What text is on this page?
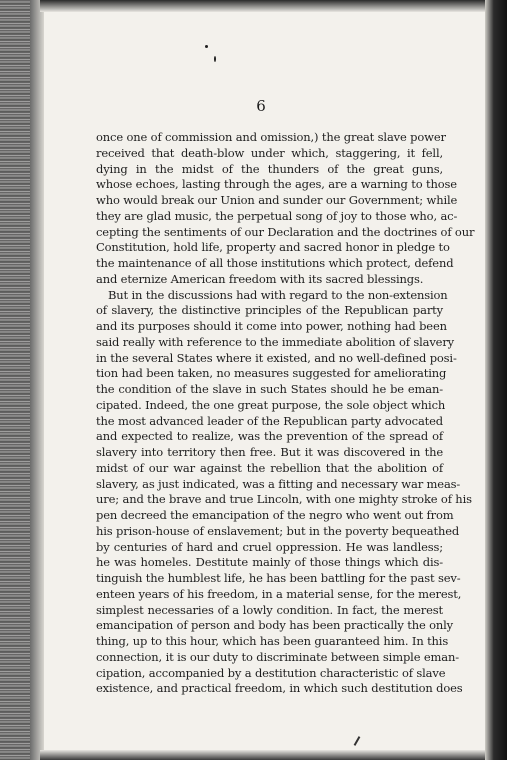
6
once one of commission and omission,) the great slave power
received that death-blow under which, staggering, it fell,
dying in the midst of the thunders of the great guns,
whose echoes, lasting through the ages, are a warning to those
who would break our Union and sunder our Government; while
they are glad music, the perpetual song of joy to those who, ac-
cepting the sentiments of our Declaration and the doctrines of our
Constitution, hold life, property and sacred honor in pledge to
the maintenance of all those institutions which protect, defend
and eternize American freedom with its sacred blessings.
But in the discussions had with regard to the non-extension
of slavery, the distinctive principles of the Republican party
and its purposes should it come into power, nothing had been
said really with reference to the immediate abolition of slavery
in the several States where it existed, and no well-defined posi-
tion had been taken, no measures suggested for ameliorating
the condition of the slave in such States should he be eman-
cipated. Indeed, the one great purpose, the sole object which
the most advanced leader of the Republican party advocated
and expected to realize, was the prevention of the spread of
slavery into territory then free. But it was discovered in the
midst of our war against the rebellion that the abolition of
slavery, as just indicated, was a fitting and necessary war meas-
ure; and the brave and true Lincoln, with one mighty stroke of his
pen decreed the emancipation of the negro who went out from
his prison-house of enslavement; but in the poverty bequeathed
by centuries of hard and cruel oppression. He was landless;
he was homeles. Destitute mainly of those things which dis-
tinguish the humblest life, he has been battling for the past sev-
enteen years of his freedom, in a material sense, for the merest,
simplest necessaries of a lowly condition. In fact, the merest
emancipation of person and body has been practically the only
thing, up to this hour, which has been guaranteed him. In this
connection, it is our duty to discriminate between simple eman-
cipation, accompanied by a destitution characteristic of slave
existence, and practical freedom, in which such destitution does
